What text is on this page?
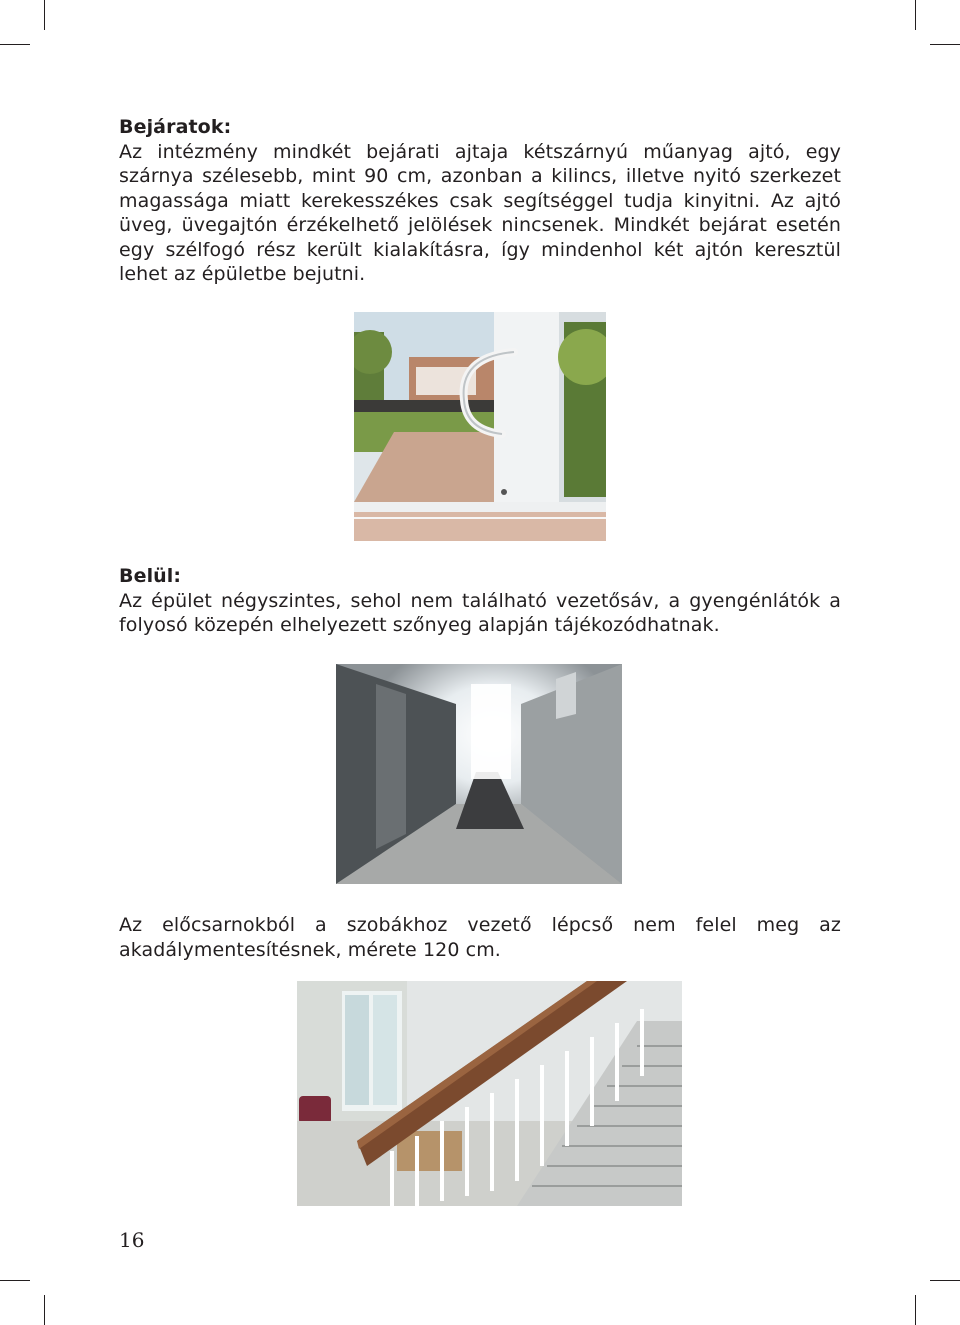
Bejáratok:

Az intézmény mindkét bejárati ajtaja kétszárnyú műanyag ajtó, egy szárnya szélesebb, mint 90 cm, azonban a kilincs, illetve nyitó szerkezet magassága miatt kerekesszékes csak segítséggel tudja kinyitni. Az ajtó üveg, üvegajtón érzékelhető jelölések nincsenek. Mindkét bejárat esetén egy szélfogó rész került kialakításra, így mindenhol két ajtón keresztül lehet az épületbe bejutni.

Belül:

Az épület négyszintes, sehol nem található vezetősáv, a gyengénlátók a folyosó közepén elhelyezett szőnyeg alapján tájékozódhatnak.

Az előcsarnokból a szobákhoz vezető lépcső nem felel meg az akadálymentesítésnek, mérete 120 cm.

16
